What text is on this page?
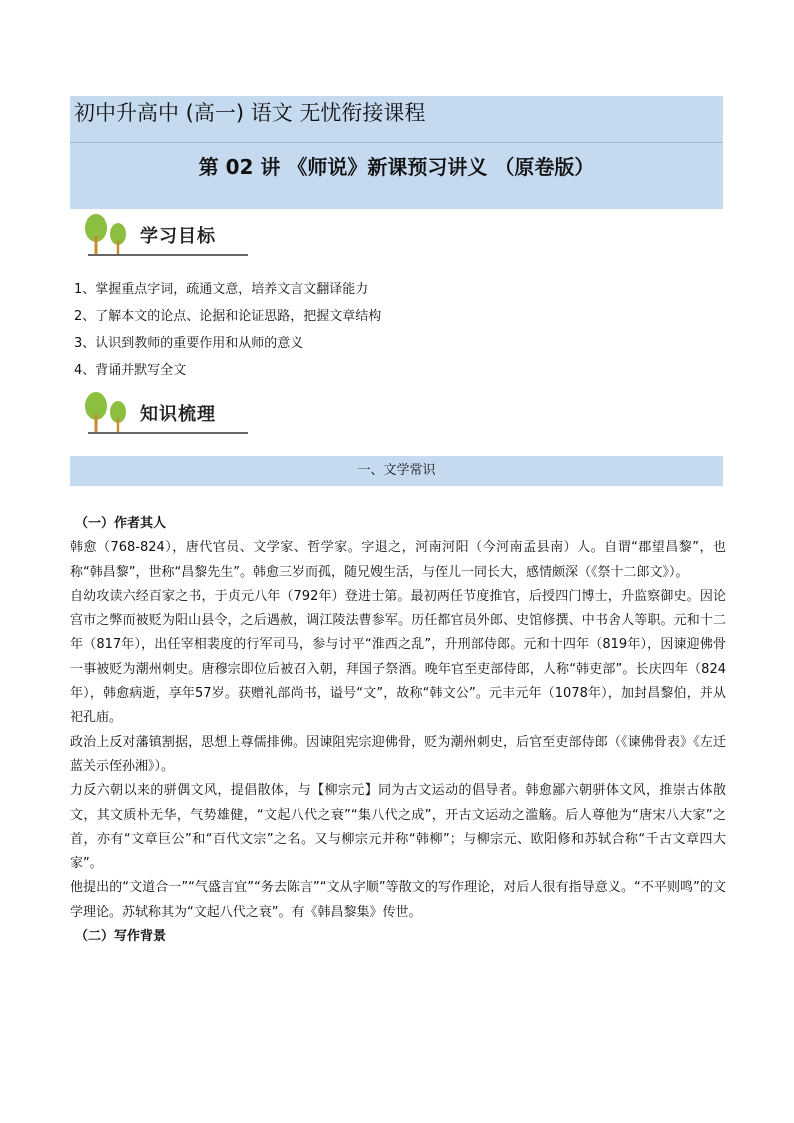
初中升高中 (高一) 语文 无忧衔接课程
第 02 讲 《师说》新课预习讲义 （原卷版）
学习目标
1、掌握重点字词，疏通文意，培养文言文翻译能力
2、了解本文的论点、论据和论证思路，把握文章结构
3、认识到教师的重要作用和从师的意义
4、背诵并默写全文
知识梳理
一、文学常识
（一）作者其人

韩愈（768-824），唐代官员、文学家、哲学家。字退之，河南河阳（今河南孟县南）人。自谓“郡望昌黎”，也称“韩昌黎”，世称“昌黎先生”。韩愈三岁而孤，随兄嫂生活，与侄儿一同长大，感情颇深（《祭十二郎文》）。

自幼攻读六经百家之书，于贞元八年（792年）登进士第。最初两任节度推官，后授四门博士，升监察御史。因论宫市之弊而被贬为阳山县令，之后遇赦，调江陵法曹参军。历任都官员外郎、史馆修撰、中书舍人等职。元和十二年（817年），出任宰相裴度的行军司马，参与讨平“淮西之乱”，升刑部侍郎。元和十四年（819年），因谏迎佛骨一事被贬为潮州刺史。唐穆宗即位后被召入朝，拜国子祭酒。晚年官至吏部侍郎，人称“韩吏部”。长庆四年（824年），韩愈病逝，享年57岁。获赠礼部尚书，谥号“文”，故称“韩文公”。元丰元年（1078年），加封昌黎伯，并从祀孔庙。

政治上反对藩镇割据，思想上尊儒排佛。因谏阻宪宗迎佛骨，贬为潮州刺史，后官至吏部侍郎（《谏佛骨表》《左迁蓝关示侄孙湘》）。

力反六朝以来的骈偶文风，提倡散体，与【柳宗元】同为古文运动的倡导者。韩愈鄙六朝骈体文风，推崇古体散文，其文质朴无华，气势雄健，“文起八代之衰”“集八代之成”，开古文运动之滥觞。后人尊他为“唐宋八大家”之首，亦有“文章巨公”和“百代文宗”之名。又与柳宗元并称“韩柳”；与柳宗元、欧阳修和苏轼合称“千古文章四大家”。

他提出的“文道合一”“气盛言宜”“务去陈言”“文从字顺”等散文的写作理论，对后人很有指导意义。“不平则鸣”的文学理论。苏轼称其为“文起八代之衰”。有《韩昌黎集》传世。

（二）写作背景
